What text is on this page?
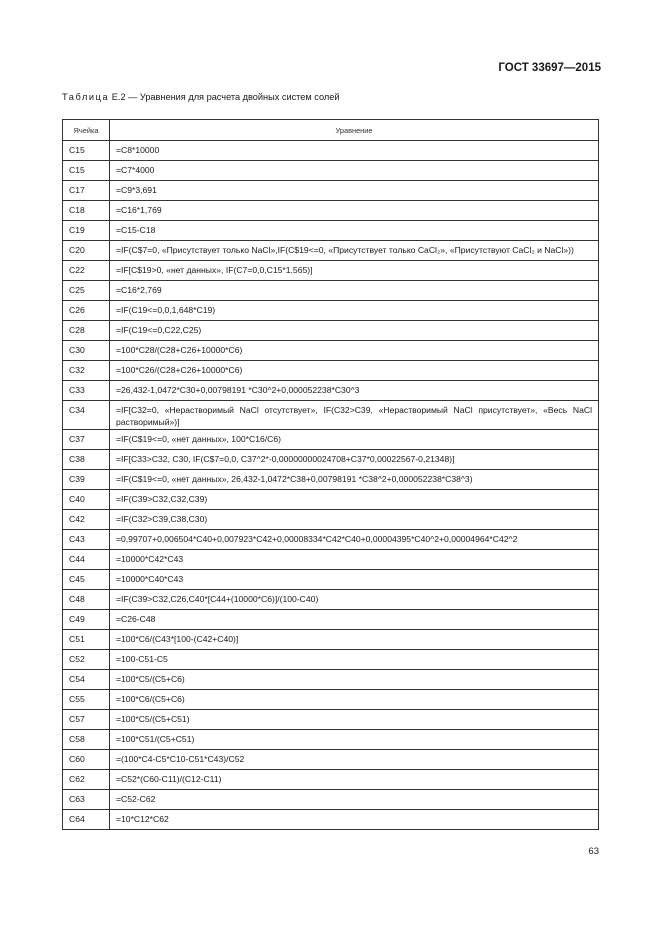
ГОСТ 33697—2015
Таблица Е.2 — Уравнения для расчета двойных систем солей
Ячейка	Уравнение
C15	=C8*10000
C15	=C7*4000
C17	=C9*3,691
C18	=C16*1,769
C19	=C15-C18
C20	=IF(C$7=0, «Присутствует только NaCl»,IF(C$19<=0, «Присутствует только CaCl₂», «Присутствуют CaCl₂ и NaCl»))
C22	=IF[C$19>0, «нет данных», IF(C7=0,0,C15*1.565)]
C25	=C16*2,769
C26	=IF(C19<=0,0,1,648*C19)
C28	=IF(C19<=0,C22,C25)
C30	=100*C28/(C28+C26+10000*C6)
C32	=100*C26/(C28+C26+10000*C6)
C33	=26,432-1,0472*C30+0,00798191 *C30^2+0,000052238*C30^3
C34	=IF[C32=0, «Нерастворимый NaCl отсутствует», IF(C32>C39, «Нерастворимый NaCl присутствует», «Весь NaCl растворимый»)]
C37	=IF(C$19<=0, «нет данных», 100*C16/C6)
C38	=IF[C33>C32, C30, IF(C$7=0,0, C37^2*-0,00000000024708+C37*0,00022567-0,21348)]
C39	=IF(C$19<=0, «нет данных», 26,432-1,0472*C38+0,00798191 *C38^2+0,000052238*C38^3)
C40	=IF(C39>C32,C32,C39)
C42	=IF(C32>C39,C38,C30)
C43	=0,99707+0,006504*C40+0,007923*C42+0,00008334*C42*C40+0,00004395*C40^2+0,00004964*C42^2
C44	=10000*C42*C43
C45	=10000*C40*C43
C48	=IF(C39>C32,C26,C40*[C44+(10000*C6)]/(100-C40)
C49	=C26-C48
C51	=100*C6/(C43*[100-(C42+C40)]
C52	=100-C51-C5
C54	=100*C5/(C5+C6)
C55	=100*C6/(C5+C6)
C57	=100*C5/(C5+C51)
C58	=100*C51/(C5+C51)
C60	=(100*C4-C5*C10-C51*C43)/C52
C62	=C52*(C60-C11)/(C12-C11)
C63	=C52-C62
C64	=10*C12*C62
63
